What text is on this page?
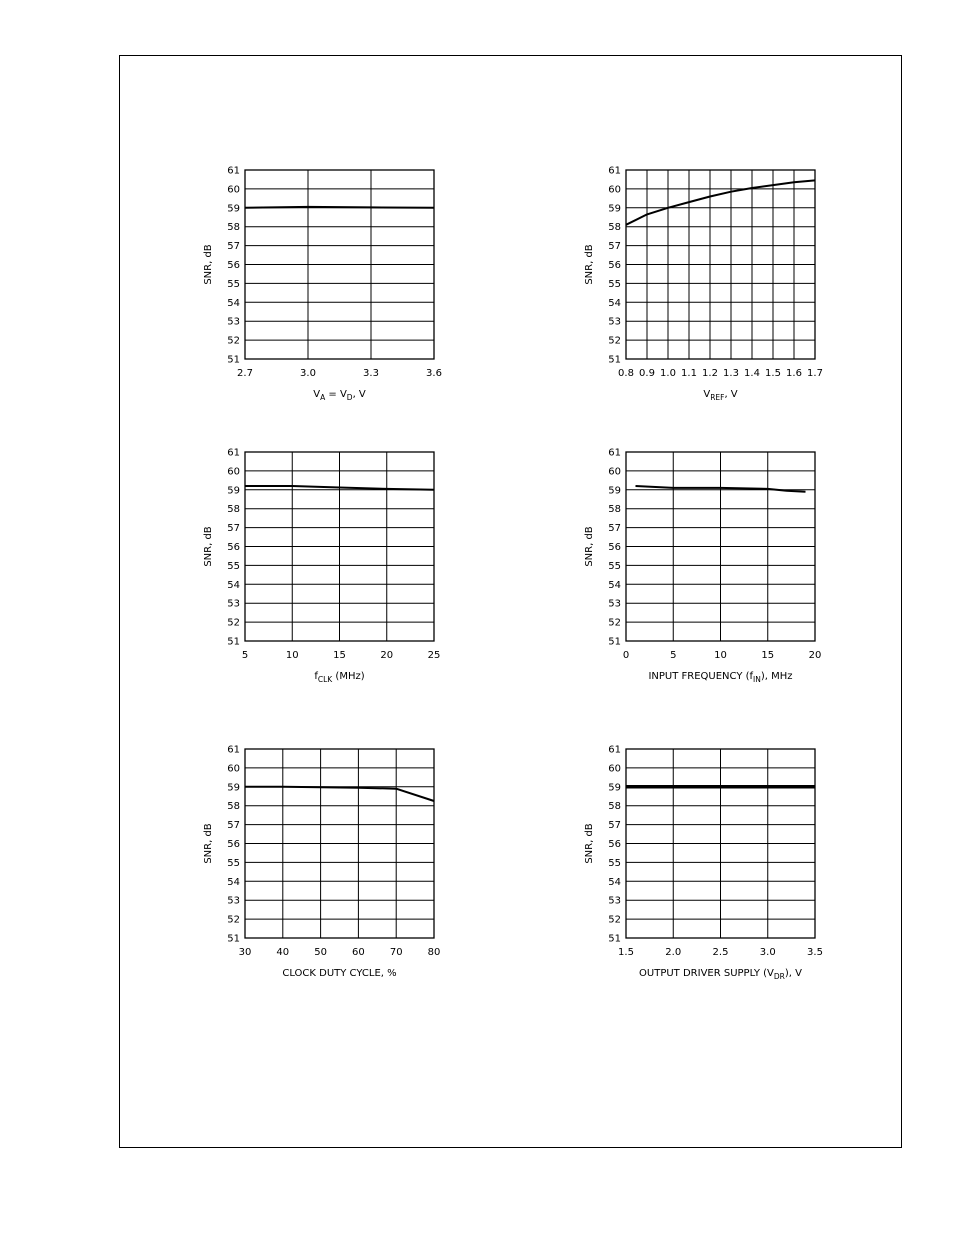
51
52
53
54
55
56
57
58
59
60
61
2.7	3.0	3.3	3.6
SNR, dB
$V_A = V_D$, V
51
52
53
54
55
56
57
58
59
60
61
0.8 0.9 1.0 1.1 1.2 1.3 1.4 1.5 1.6 1.7
SNR, dB
$V_{REF}$, V
51
52
53
54
55
56
57
58
59
60
61
5	10	15	20	25
SNR, dB
$f_{CLK}$ (MHz)
51
52
53
54
55
56
57
58
59
60
61
0	5	10	15	20
SNR, dB
INPUT FREQUENCY $(f_{IN})$, MHz
51
52
53
54
55
56
57
58
59
60
61
30	40	50	60	70	80
SNR, dB
CLOCK DUTY CYCLE, %
51
52
53
54
55
56
57
58
59
60
61
1.5	2.0	2.5	3.0	3.5
SNR, dB
OUTPUT DRIVER SUPPLY $(V_{DR})$, V
